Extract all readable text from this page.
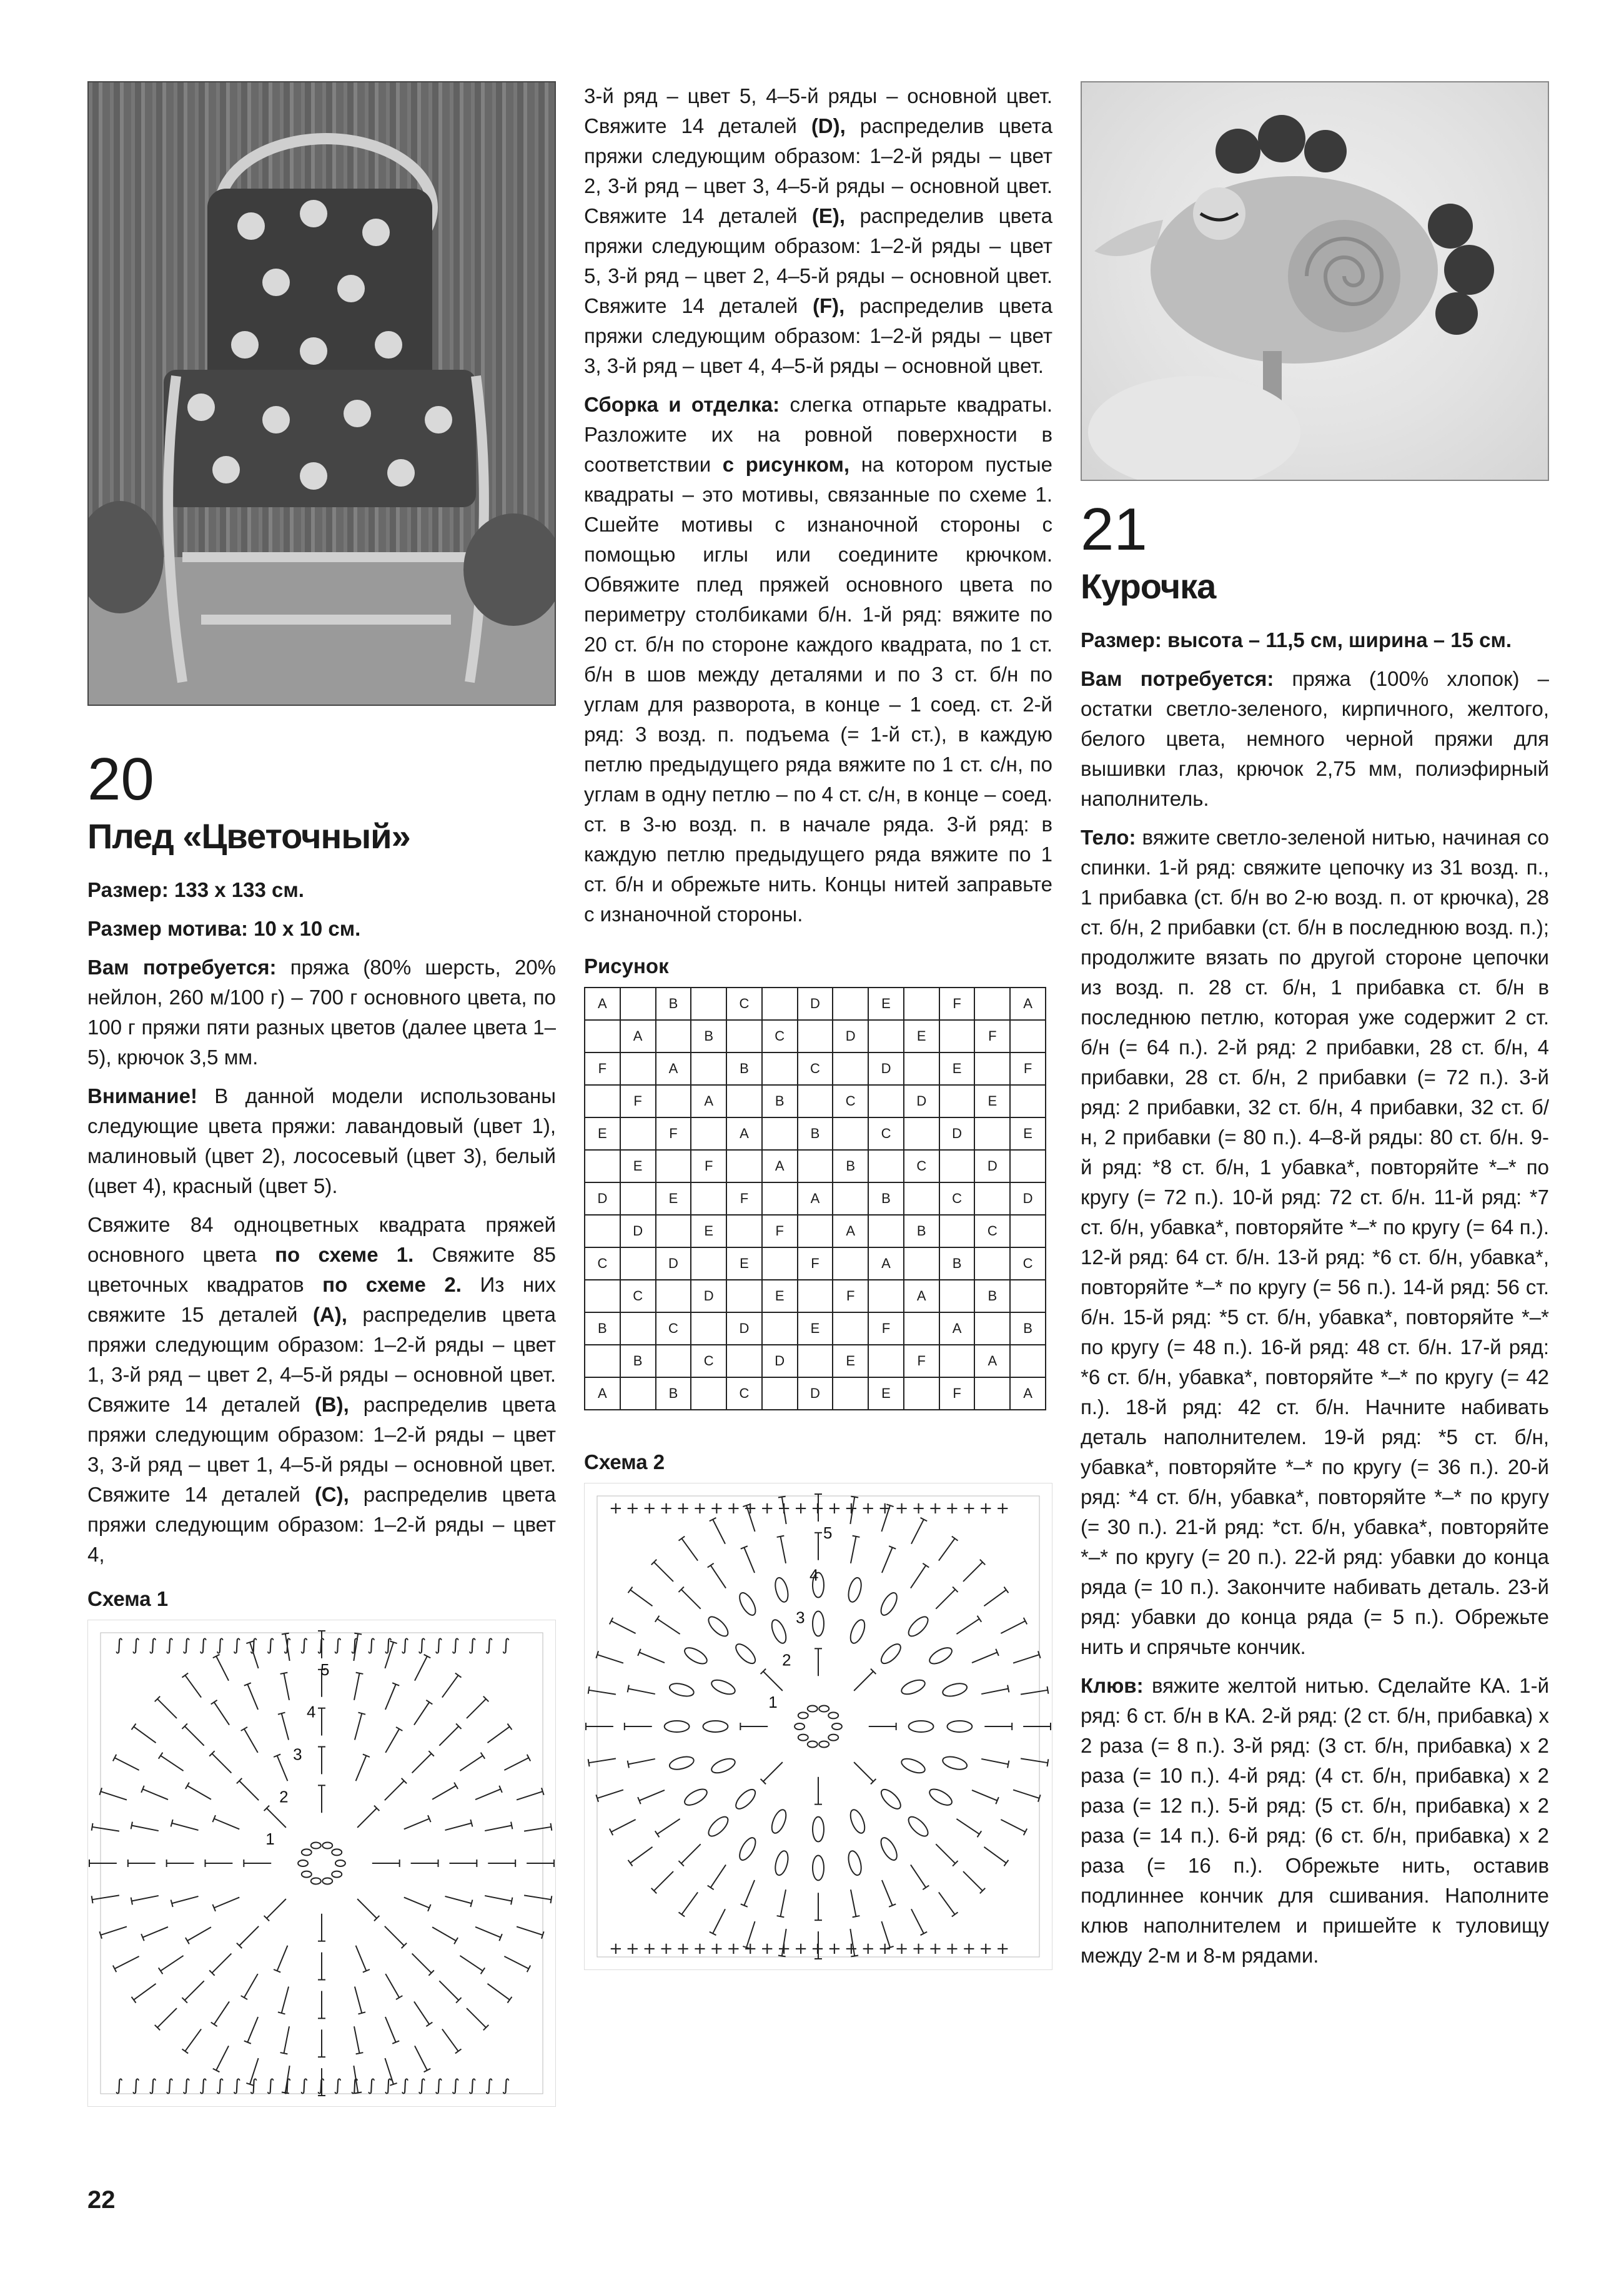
20
Плед «Цветочный»

Размер: 133 х 133 см.

Размер мотива: 10 х 10 см.

Вам потребуется: пряжа (80% шерсть, 20% нейлон, 260 м/100 г) – 700 г основного цвета, по 100 г пряжи пяти разных цветов (далее цвета 1–5), крючок 3,5 мм.

Внимание! В данной модели использованы следующие цвета пряжи: лавандовый (цвет 1), малиновый (цвет 2), лососевый (цвет 3), белый (цвет 4), красный (цвет 5).

Свяжите 84 одноцветных квадрата пряжей основного цвета по схеме 1. Свяжите 85 цветочных квадратов по схеме 2. Из них свяжите 15 деталей (A), распределив цвета пряжи следующим образом: 1–2-й ряды – цвет 1, 3-й ряд – цвет 2, 4–5-й ряды – основной цвет. Свяжите 14 деталей (B), распределив цвета пряжи следующим образом: 1–2-й ряды – цвет 3, 3-й ряд – цвет 1, 4–5-й ряды – основной цвет. Свяжите 14 деталей (C), распределив цвета пряжи следующим образом: 1–2-й ряды – цвет 4,

Схема 1
∫
∫
∫
∫
∫
∫
∫
∫
∫
∫
∫
∫
∫
∫
∫
∫
∫
∫
∫
∫
∫
∫
∫
∫
∫
∫
∫
∫
∫
∫
∫
∫
∫
∫
∫
∫
∫
∫
∫
∫
∫
∫
∫
∫
∫
∫
∫
∫
1
2
3
4
5

3-й ряд – цвет 5, 4–5-й ряды – основной цвет. Свяжите 14 деталей (D), распределив цвета пряжи следующим образом: 1–2-й ряды – цвет 2, 3-й ряд – цвет 3, 4–5-й ряды – основной цвет. Свяжите 14 деталей (E), распределив цвета пряжи следующим образом: 1–2-й ряды – цвет 5, 3-й ряд – цвет 2, 4–5-й ряды – основной цвет. Свяжите 14 деталей (F), распределив цвета пряжи следующим образом: 1–2-й ряды – цвет 3, 3-й ряд – цвет 4, 4–5-й ряды – основной цвет.

Сборка и отделка: слегка отпарьте квадраты. Разложите их на ровной поверхности в соответствии с рисунком, на котором пустые квадраты – это мотивы, связанные по схеме 1. Сшейте мотивы с изнаночной стороны с помощью иглы или соедините крючком. Обвяжите плед пряжей основного цвета по периметру столбиками б/н. 1-й ряд: вяжите по 20 ст. б/н по стороне каждого квадрата, по 1 ст. б/н в шов между деталями и по 3 ст. б/н по углам для разворота, в конце – 1 соед. ст. 2-й ряд: 3 возд. п. подъема (= 1-й ст.), в каждую петлю предыдущего ряда вяжите по 1 ст. с/н, по углам в одну петлю – по 4 ст. с/н, в конце – соед. ст. в 3-ю возд. п. в начале ряда. 3-й ряд: в каждую петлю предыдущего ряда вяжите по 1 ст. б/н и обрежьте нить. Концы нитей заправьте с изнаночной стороны.

Рисунок
A		B		C		D		E		F		A
	A		B		C		D		E		F	
F		A		B		C		D		E		F
	F		A		B		C		D		E	
E		F		A		B		C		D		E
	E		F		A		B		C		D	
D		E		F		A		B		C		D
	D		E		F		A		B		C	
C		D		E		F		A		B		C
	C		D		E		F		A		B	
B		C		D		E		F		A		B
	B		C		D		E		F		A	
A		B		C		D		E		F		A
Схема 2
+
+
+
+
+
+
+
+
+
+
+
+
+
+
+
+
+
+
+
+
+
+
+
+
+
+
+
+
+
+
+
+
+
+
+
+
+
+
+
+
+
+
+
+
+
+
+
+
1
2
3
4
5
21
Курочка

Размер: высота – 11,5 см, ширина – 15 см.

Вам потребуется: пряжа (100% хлопок) – остатки светло-зеленого, кирпичного, желтого, белого цвета, немного черной пряжи для вышивки глаз, крючок 2,75 мм, полиэфирный наполнитель.

Тело: вяжите светло-зеленой нитью, начиная со спинки. 1-й ряд: свяжите цепочку из 31 возд. п., 1 прибавка (ст. б/н во 2-ю возд. п. от крючка), 28 ст. б/н, 2 прибавки (ст. б/н в последнюю возд. п.); продолжите вязать по другой стороне цепочки из возд. п. 28 ст. б/н, 1 прибавка ст. б/н в последнюю петлю, которая уже содержит 2 ст. б/н (= 64 п.). 2-й ряд: 2 прибавки, 28 ст. б/н, 4 прибавки, 28 ст. б/н, 2 прибавки (= 72 п.). 3-й ряд: 2 прибавки, 32 ст. б/н, 4 прибавки, 32 ст. б/н, 2 прибавки (= 80 п.). 4–8-й ряды: 80 ст. б/н. 9-й ряд: *8 ст. б/н, 1 убавка*, повторяйте *–* по кругу (= 72 п.). 10-й ряд: 72 ст. б/н. 11-й ряд: *7 ст. б/н, убавка*, повторяйте *–* по кругу (= 64 п.). 12-й ряд: 64 ст. б/н. 13-й ряд: *6 ст. б/н, убавка*, повторяйте *–* по кругу (= 56 п.). 14-й ряд: 56 ст. б/н. 15-й ряд: *5 ст. б/н, убавка*, повторяйте *–* по кругу (= 48 п.). 16-й ряд: 48 ст. б/н. 17-й ряд: *6 ст. б/н, убавка*, повторяйте *–* по кругу (= 42 п.). 18-й ряд: 42 ст. б/н. Начните набивать деталь наполнителем. 19-й ряд: *5 ст. б/н, убавка*, повторяйте *–* по кругу (= 36 п.). 20-й ряд: *4 ст. б/н, убавка*, повторяйте *–* по кругу (= 30 п.). 21-й ряд: *ст. б/н, убавка*, повторяйте *–* по кругу (= 20 п.). 22-й ряд: убавки до конца ряда (= 10 п.). Закончите набивать деталь. 23-й ряд: убавки до конца ряда (= 5 п.). Обрежьте нить и спрячьте кончик.

Клюв: вяжите желтой нитью. Сделайте КА. 1-й ряд: 6 ст. б/н в КА. 2-й ряд: (2 ст. б/н, прибавка) х 2 раза (= 8 п.). 3-й ряд: (3 ст. б/н, прибавка) х 2 раза (= 10 п.). 4-й ряд: (4 ст. б/н, прибавка) х 2 раза (= 12 п.). 5-й ряд: (5 ст. б/н, прибавка) х 2 раза (= 14 п.). 6-й ряд: (6 ст. б/н, прибавка) х 2 раза (= 16 п.). Обрежьте нить, оставив подлиннее кончик для сшивания. Наполните клюв наполнителем и пришейте к туловищу между 2-м и 8-м рядами.

22
